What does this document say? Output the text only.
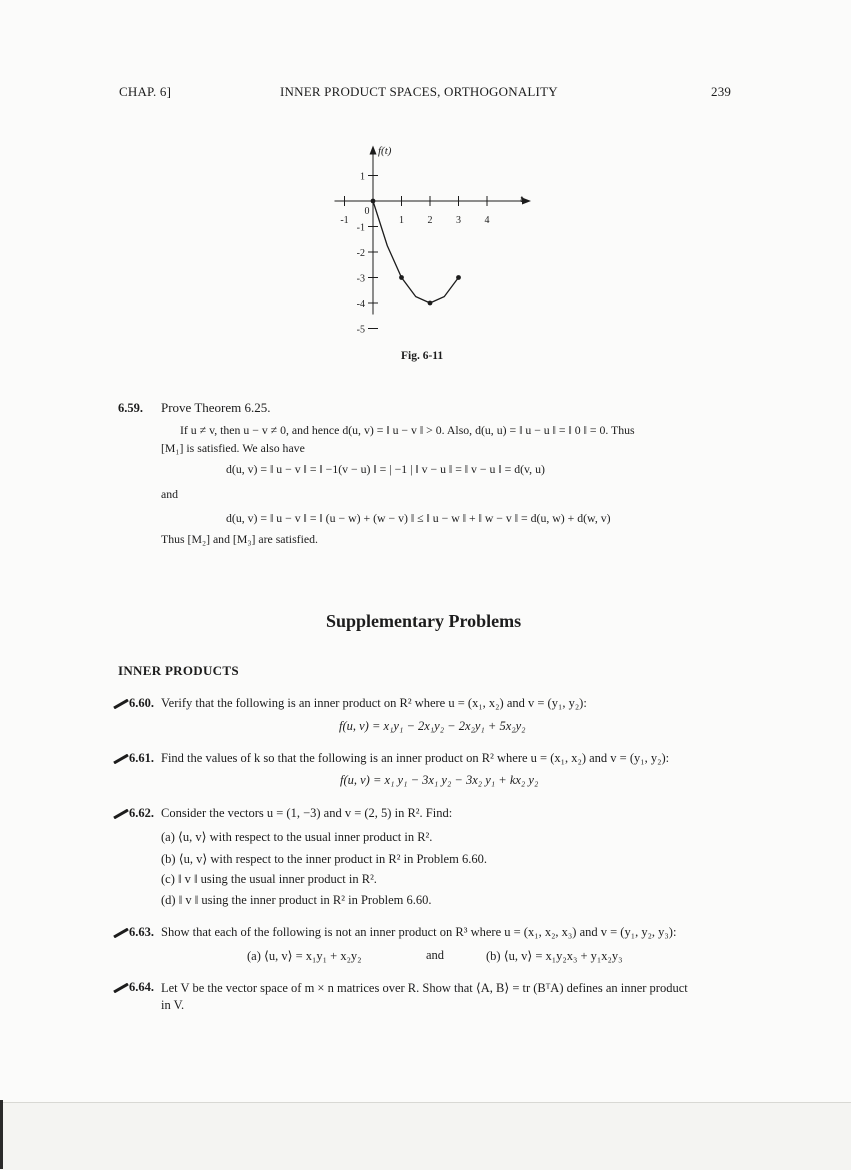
CHAP. 6]	INNER PRODUCT SPACES, ORTHOGONALITY	239
-1
0
1 2 3 4
1
-1
-2
-3
-4
-5
f(t)
t
Fig. 6-11
6.59. Prove Theorem 6.25.
If u ≠ v, then u − v ≠ 0, and hence d(u, v) = ‖ u − v ‖ > 0. Also, d(u, u) = ‖ u − u ‖ = ‖ 0 ‖ = 0. Thus
[M₁] is satisfied. We also have
d(u, v) = ‖ u − v ‖ = ‖ −1(v − u) ‖ = | −1 | ‖ v − u ‖ = ‖ v − u ‖ = d(v, u)
and
d(u, v) = ‖ u − v ‖ = ‖ (u − w) + (w − v) ‖ ≤ ‖ u − w ‖ + ‖ w − v ‖ = d(u, w) + d(w, v)
Thus [M₂] and [M₃] are satisfied.
Supplementary Problems
INNER PRODUCTS
6.60. Verify that the following is an inner product on R² where u = (x₁, x₂) and v = (y₁, y₂):
f(u, v) = x₁y₁ − 2x₁y₂ − 2x₂y₁ + 5x₂y₂
6.61. Find the values of k so that the following is an inner product on R² where u = (x₁, x₂) and v = (y₁, y₂):
f(u, v) = x₁ y₁ − 3x₁ y₂ − 3x₂ y₁ + kx₂ y₂
6.62. Consider the vectors u = (1, −3) and v = (2, 5) in R². Find:
(a) ⟨u, v⟩ with respect to the usual inner product in R².
(b) ⟨u, v⟩ with respect to the inner product in R² in Problem 6.60.
(c) ‖ v ‖ using the usual inner product in R².
(d) ‖ v ‖ using the inner product in R² in Problem 6.60.
6.63. Show that each of the following is not an inner product on R³ where u = (x₁, x₂, x₃) and v = (y₁, y₂, y₃):
(a) ⟨u, v⟩ = x₁y₁ + x₂y₂	and	(b) ⟨u, v⟩ = x₁y₂x₃ + y₁x₂y₃
6.64. Let V be the vector space of m × n matrices over R. Show that ⟨A, B⟩ = tr (BᵀA) defines an inner product
in V.
